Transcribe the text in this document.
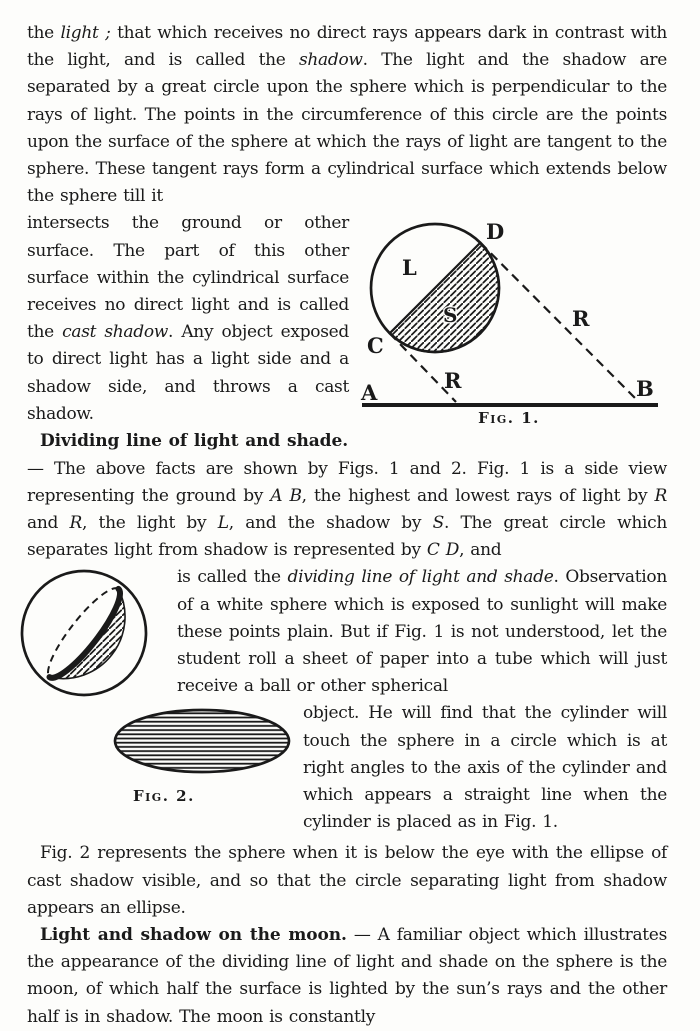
the light ; that which receives no direct rays appears dark in contrast with the light, and is called the shadow. The light and the shadow are separated by a great circle upon the sphere which is perpendicular to the rays of light. The points in the circumference of this circle are the points upon the surface of the sphere at which the rays of light are tangent to the sphere. These tangent rays form a cylindrical surface which extends below the sphere till it

A	B
C
D
L
S	R
R
Fig. 1.

intersects the ground or other surface. The part of this other surface within the cylindrical surface receives no direct light and is called the cast shadow. Any object exposed to direct light has a light side and a shadow side, and throws a cast shadow.

Dividing line of light and shade.

— The above facts are shown by Figs. 1 and 2. Fig. 1 is a side view representing the ground by A B, the highest and lowest rays of light by R and R, the light by L, and the shadow by S. The great circle which separates light from shadow is represented by C D, and

is called the dividing line of light and shade. Observation of a white sphere which is exposed to sunlight will make these points plain. But if Fig. 1 is not understood, let the student roll a sheet of paper into a tube which will just receive a ball or other spherical

Fig. 2.

object. He will find that the cylinder will touch the sphere in a circle which is at right angles to the axis of the cylinder and which appears a straight line when the cylinder is placed as in Fig. 1.

Fig. 2 represents the sphere when it is below the eye with the ellipse of cast shadow visible, and so that the circle separating light from shadow appears an ellipse.

Light and shadow on the moon. — A familiar object which illustrates the appearance of the dividing line of light and shade on the sphere is the moon, of which half the surface is lighted by the sun’s rays and the other half is in shadow. The moon is constantly
